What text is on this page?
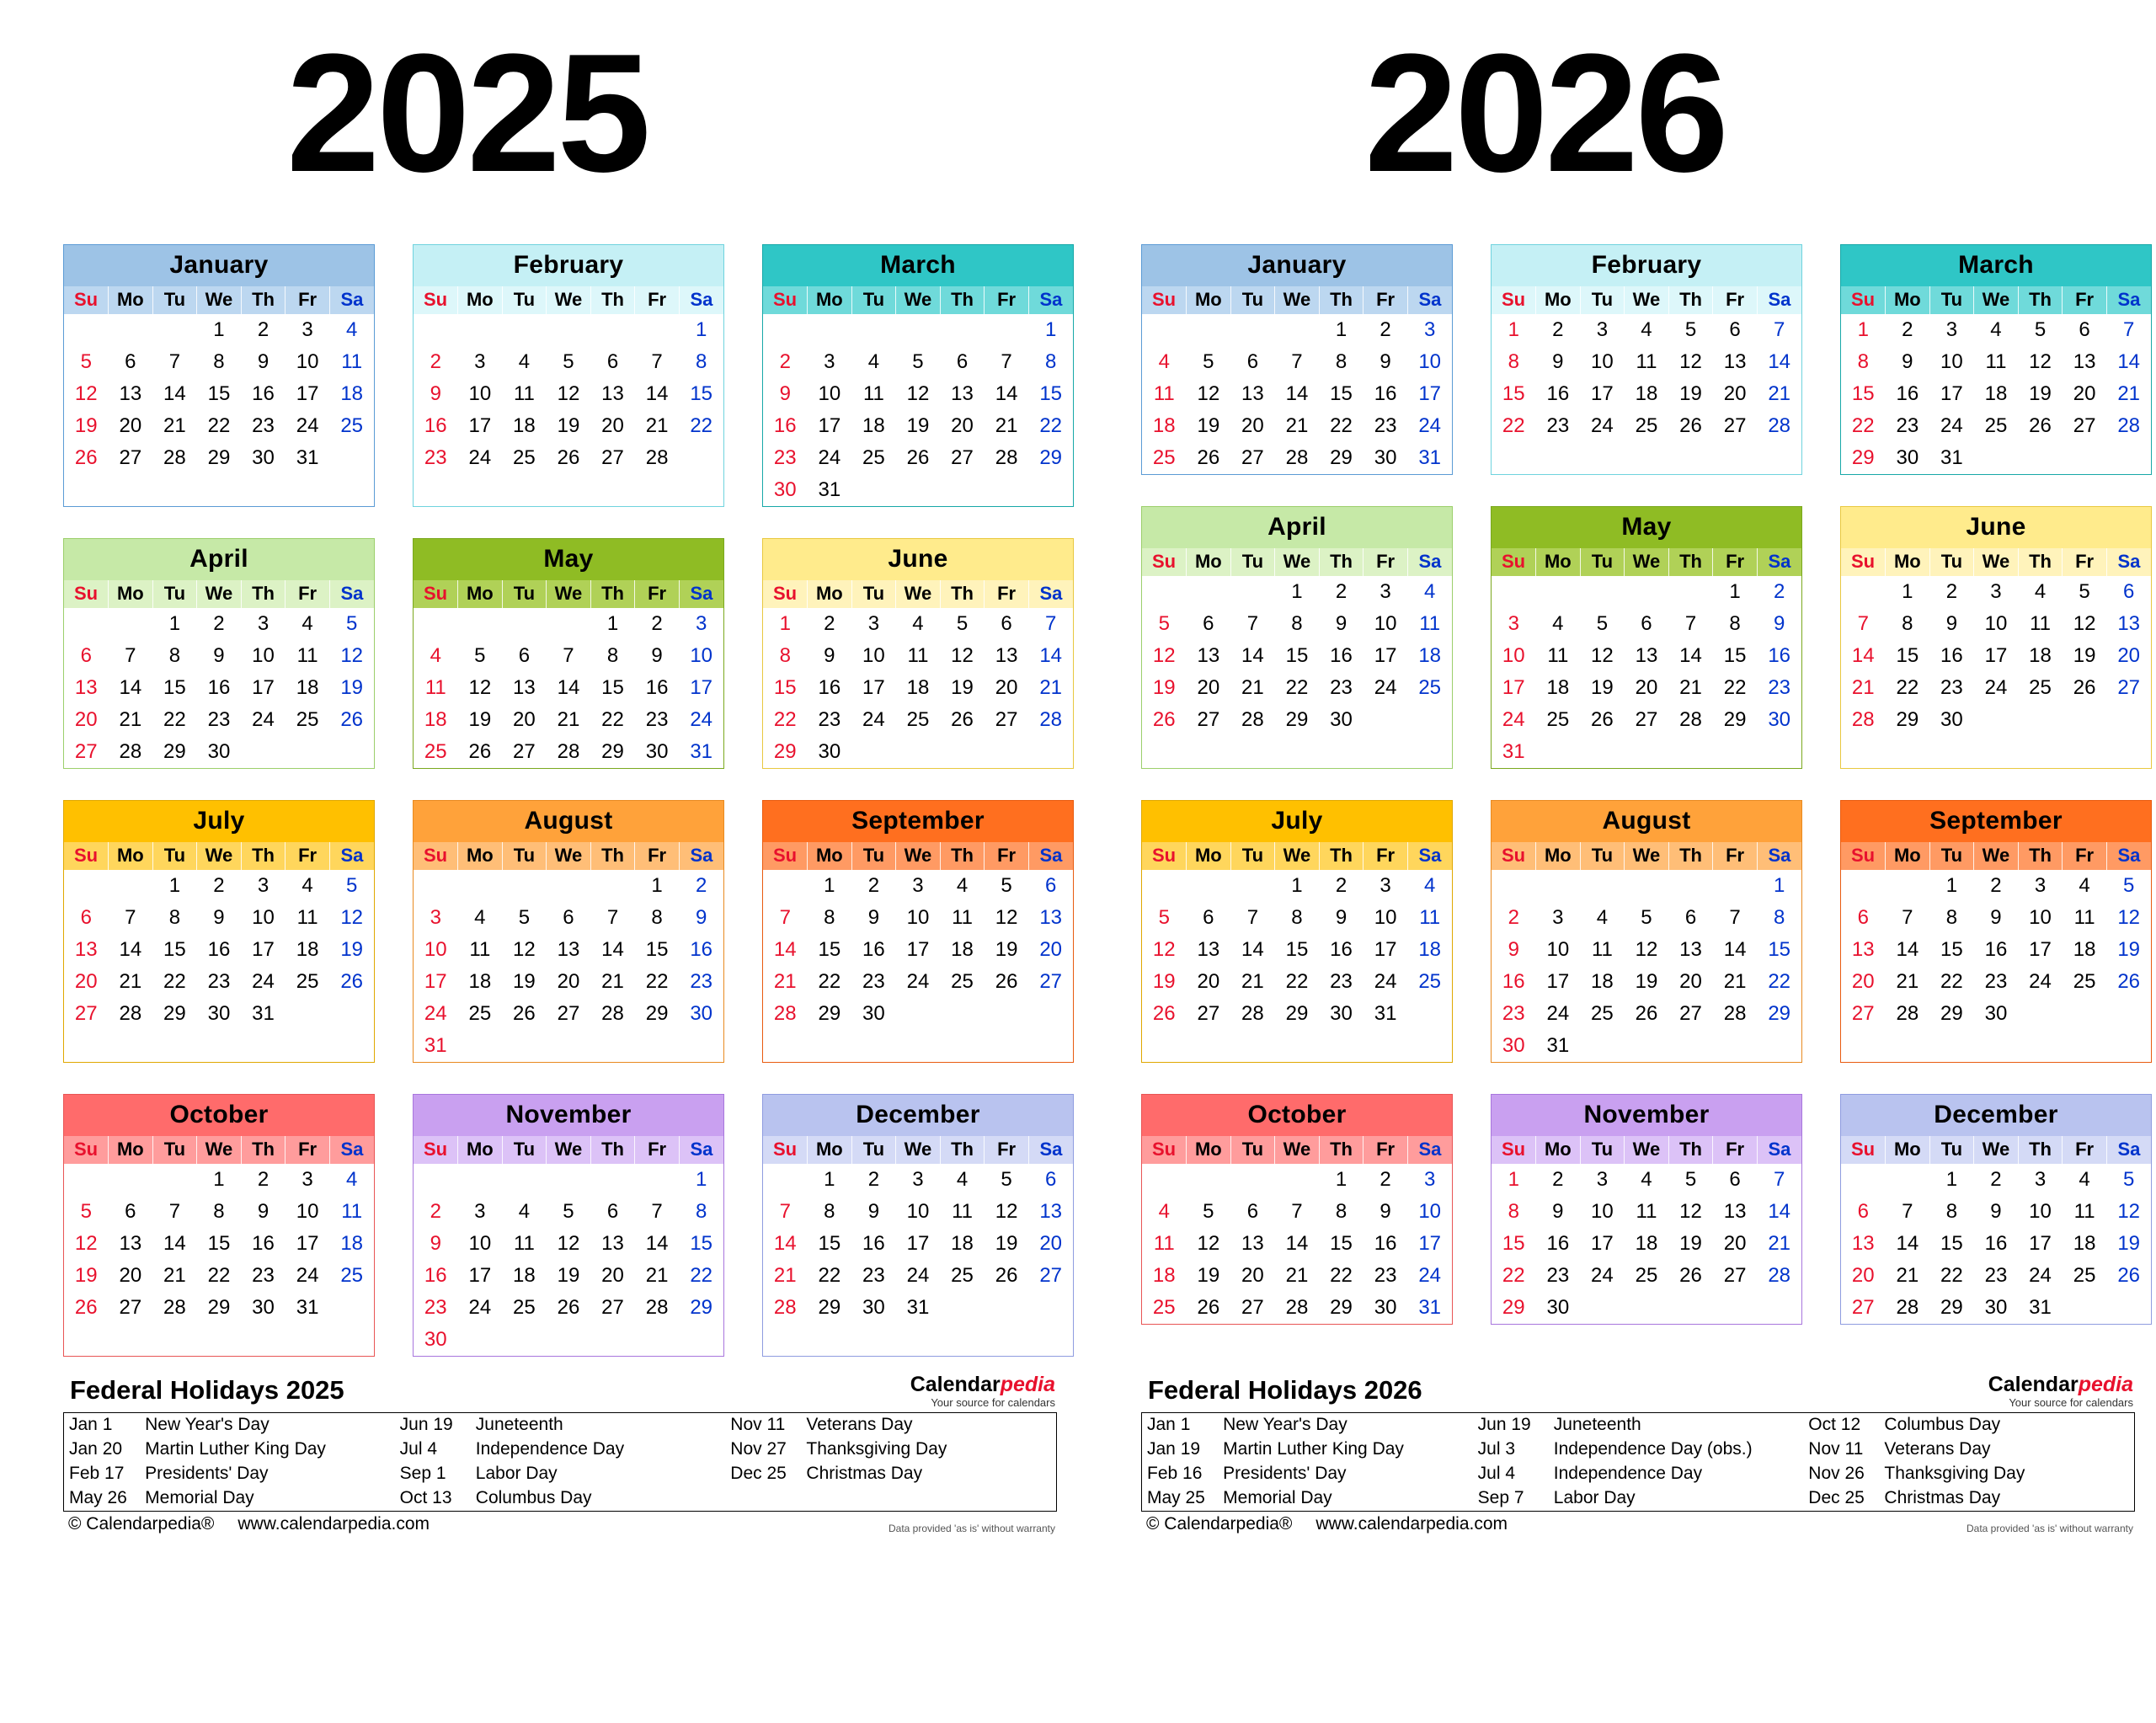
2025
January
Su	Mo	Tu	We	Th	Fr	Sa
			1	2	3	4
5	6	7	8	9	10	11
12	13	14	15	16	17	18
19	20	21	22	23	24	25
26	27	28	29	30	31	
February
Su	Mo	Tu	We	Th	Fr	Sa
						1
2	3	4	5	6	7	8
9	10	11	12	13	14	15
16	17	18	19	20	21	22
23	24	25	26	27	28	
March
Su	Mo	Tu	We	Th	Fr	Sa
						1
2	3	4	5	6	7	8
9	10	11	12	13	14	15
16	17	18	19	20	21	22
23	24	25	26	27	28	29
30	31					
April
Su	Mo	Tu	We	Th	Fr	Sa
		1	2	3	4	5
6	7	8	9	10	11	12
13	14	15	16	17	18	19
20	21	22	23	24	25	26
27	28	29	30			
May
Su	Mo	Tu	We	Th	Fr	Sa
				1	2	3
4	5	6	7	8	9	10
11	12	13	14	15	16	17
18	19	20	21	22	23	24
25	26	27	28	29	30	31
June
Su	Mo	Tu	We	Th	Fr	Sa
1	2	3	4	5	6	7
8	9	10	11	12	13	14
15	16	17	18	19	20	21
22	23	24	25	26	27	28
29	30					
July
Su	Mo	Tu	We	Th	Fr	Sa
		1	2	3	4	5
6	7	8	9	10	11	12
13	14	15	16	17	18	19
20	21	22	23	24	25	26
27	28	29	30	31		
August
Su	Mo	Tu	We	Th	Fr	Sa
					1	2
3	4	5	6	7	8	9
10	11	12	13	14	15	16
17	18	19	20	21	22	23
24	25	26	27	28	29	30
31						
September
Su	Mo	Tu	We	Th	Fr	Sa
	1	2	3	4	5	6
7	8	9	10	11	12	13
14	15	16	17	18	19	20
21	22	23	24	25	26	27
28	29	30				
October
Su	Mo	Tu	We	Th	Fr	Sa
			1	2	3	4
5	6	7	8	9	10	11
12	13	14	15	16	17	18
19	20	21	22	23	24	25
26	27	28	29	30	31	
November
Su	Mo	Tu	We	Th	Fr	Sa
						1
2	3	4	5	6	7	8
9	10	11	12	13	14	15
16	17	18	19	20	21	22
23	24	25	26	27	28	29
30						
December
Su	Mo	Tu	We	Th	Fr	Sa
	1	2	3	4	5	6
7	8	9	10	11	12	13
14	15	16	17	18	19	20
21	22	23	24	25	26	27
28	29	30	31			
2026
January
Su	Mo	Tu	We	Th	Fr	Sa
				1	2	3
4	5	6	7	8	9	10
11	12	13	14	15	16	17
18	19	20	21	22	23	24
25	26	27	28	29	30	31
February
Su	Mo	Tu	We	Th	Fr	Sa
1	2	3	4	5	6	7
8	9	10	11	12	13	14
15	16	17	18	19	20	21
22	23	24	25	26	27	28
March
Su	Mo	Tu	We	Th	Fr	Sa
1	2	3	4	5	6	7
8	9	10	11	12	13	14
15	16	17	18	19	20	21
22	23	24	25	26	27	28
29	30	31				
April
Su	Mo	Tu	We	Th	Fr	Sa
			1	2	3	4
5	6	7	8	9	10	11
12	13	14	15	16	17	18
19	20	21	22	23	24	25
26	27	28	29	30		
May
Su	Mo	Tu	We	Th	Fr	Sa
					1	2
3	4	5	6	7	8	9
10	11	12	13	14	15	16
17	18	19	20	21	22	23
24	25	26	27	28	29	30
31						
June
Su	Mo	Tu	We	Th	Fr	Sa
	1	2	3	4	5	6
7	8	9	10	11	12	13
14	15	16	17	18	19	20
21	22	23	24	25	26	27
28	29	30				
July
Su	Mo	Tu	We	Th	Fr	Sa
			1	2	3	4
5	6	7	8	9	10	11
12	13	14	15	16	17	18
19	20	21	22	23	24	25
26	27	28	29	30	31	
August
Su	Mo	Tu	We	Th	Fr	Sa
						1
2	3	4	5	6	7	8
9	10	11	12	13	14	15
16	17	18	19	20	21	22
23	24	25	26	27	28	29
30	31					
September
Su	Mo	Tu	We	Th	Fr	Sa
		1	2	3	4	5
6	7	8	9	10	11	12
13	14	15	16	17	18	19
20	21	22	23	24	25	26
27	28	29	30			
October
Su	Mo	Tu	We	Th	Fr	Sa
				1	2	3
4	5	6	7	8	9	10
11	12	13	14	15	16	17
18	19	20	21	22	23	24
25	26	27	28	29	30	31
November
Su	Mo	Tu	We	Th	Fr	Sa
1	2	3	4	5	6	7
8	9	10	11	12	13	14
15	16	17	18	19	20	21
22	23	24	25	26	27	28
29	30					
December
Su	Mo	Tu	We	Th	Fr	Sa
		1	2	3	4	5
6	7	8	9	10	11	12
13	14	15	16	17	18	19
20	21	22	23	24	25	26
27	28	29	30	31		
Federal Holidays 2025	Calendarpedia
Your source for calendars
Jan 1	New Year's Day	Jun 19	Juneteenth	Nov 11	Veterans Day
Jan 20	Martin Luther King Day	Jul 4	Independence Day	Nov 27	Thanksgiving Day
Feb 17	Presidents' Day	Sep 1	Labor Day	Dec 25	Christmas Day
May 26	Memorial Day	Oct 13	Columbus Day		
© Calendarpedia® www.calendarpedia.com	Data provided 'as is' without warranty
Federal Holidays 2026	Calendarpedia
Your source for calendars
Jan 1	New Year's Day	Jun 19	Juneteenth	Oct 12	Columbus Day
Jan 19	Martin Luther King Day	Jul 3	Independence Day (obs.)	Nov 11	Veterans Day
Feb 16	Presidents' Day	Jul 4	Independence Day	Nov 26	Thanksgiving Day
May 25	Memorial Day	Sep 7	Labor Day	Dec 25	Christmas Day
© Calendarpedia® www.calendarpedia.com	Data provided 'as is' without warranty
